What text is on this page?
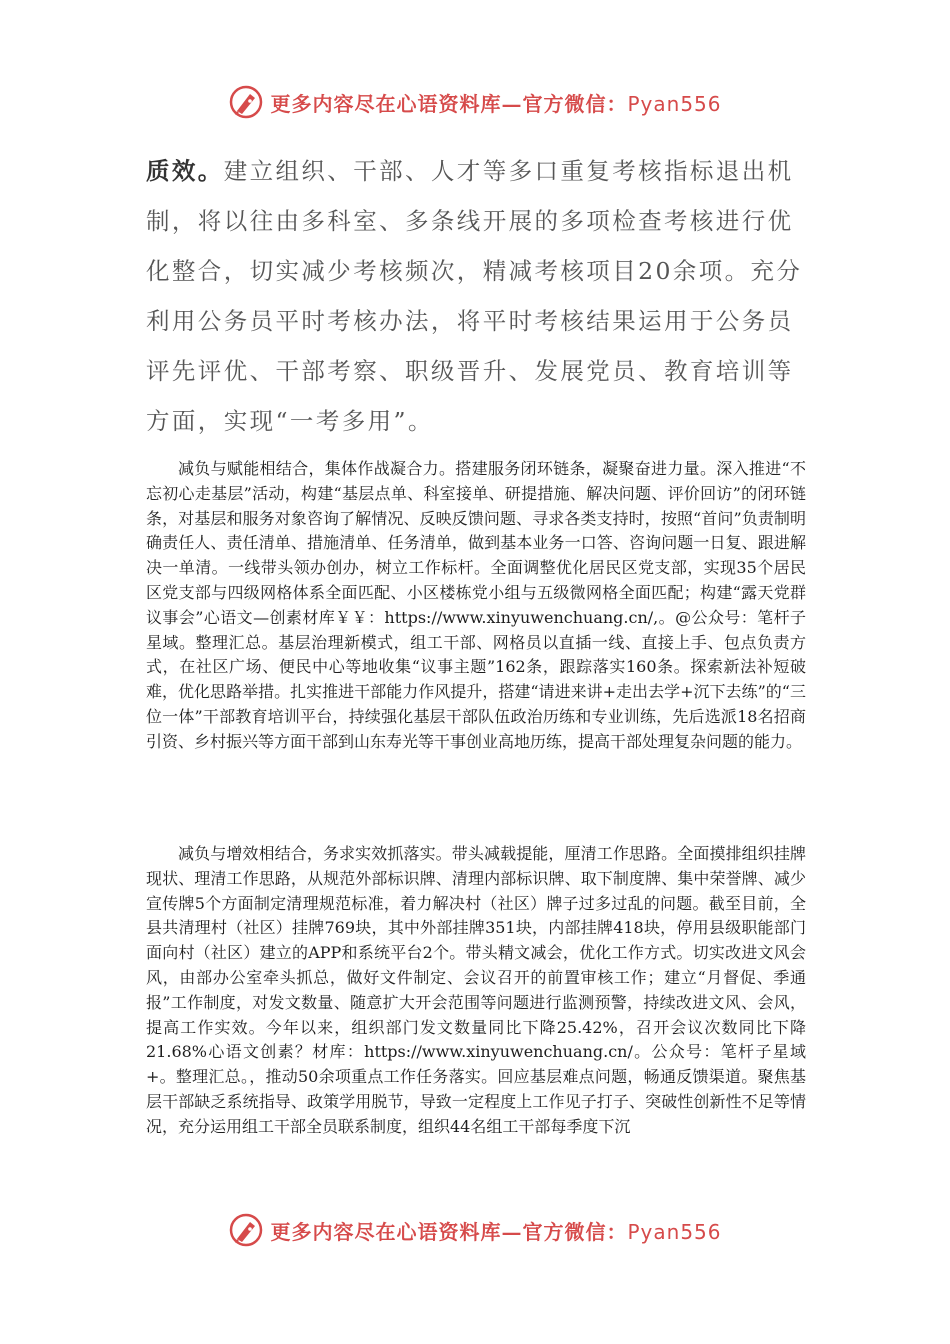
更多内容尽在心语资料库—官方微信：Pyan556
质效。建立组织、干部、人才等多口重复考核指标退出机制，将以往由多科室、多条线开展的多项检查考核进行优化整合，切实减少考核频次，精减考核项目20余项。充分利用公务员平时考核办法，将平时考核结果运用于公务员评先评优、干部考察、职级晋升、发展党员、教育培训等方面，实现“一考多用”。

减负与赋能相结合，集体作战凝合力。搭建服务闭环链条，凝聚奋进力量。深入推进“不忘初心走基层”活动，构建“基层点单、科室接单、研提措施、解决问题、评价回访”的闭环链条，对基层和服务对象咨询了解情况、反映反馈问题、寻求各类支持时，按照“首问”负责制明确责任人、责任清单、措施清单、任务清单，做到基本业务一口答、咨询问题一日复、跟进解决一单清。一线带头领办创办，树立工作标杆。全面调整优化居民区党支部，实现35个居民区党支部与四级网格体系全面匹配、小区楼栋党小组与五级微网格全面匹配；构建“露天党群议事会”心语文—创素材库￥￥：https://www.xinyuwenchuang.cn/,。@公众号：笔杆子星域。整理汇总。基层治理新模式，组工干部、网格员以直插一线、直接上手、包点负责方式，在社区广场、便民中心等地收集“议事主题”162条，跟踪落实160条。探索新法补短破难，优化思路举措。扎实推进干部能力作风提升，搭建“请进来讲+走出去学+沉下去练”的“三位一体”干部教育培训平台，持续强化基层干部队伍政治历练和专业训练，先后选派18名招商引资、乡村振兴等方面干部到山东寿光等干事创业高地历练，提高干部处理复杂问题的能力。

减负与增效相结合，务求实效抓落实。带头减载提能，厘清工作思路。全面摸排组织挂牌现状、理清工作思路，从规范外部标识牌、清理内部标识牌、取下制度牌、集中荣誉牌、减少宣传牌5个方面制定清理规范标准，着力解决村（社区）牌子过多过乱的问题。截至目前，全县共清理村（社区）挂牌769块，其中外部挂牌351块，内部挂牌418块，停用县级职能部门面向村（社区）建立的APP和系统平台2个。带头精文减会，优化工作方式。切实改进文风会风，由部办公室牵头抓总，做好文件制定、会议召开的前置审核工作；建立“月督促、季通报”工作制度，对发文数量、随意扩大开会范围等问题进行监测预警，持续改进文风、会风，提高工作实效。今年以来，组织部门发文数量同比下降25.42%，召开会议次数同比下降21.68%心语文创素？材库：https://www.xinyuwenchuang.cn/。公众号：笔杆子星域+。整理汇总。，推动50余项重点工作任务落实。回应基层难点问题，畅通反馈渠道。聚焦基层干部缺乏系统指导、政策学用脱节，导致一定程度上工作见子打子、突破性创新性不足等情况，充分运用组工干部全员联系制度，组织44名组工干部每季度下沉

更多内容尽在心语资料库—官方微信：Pyan556
